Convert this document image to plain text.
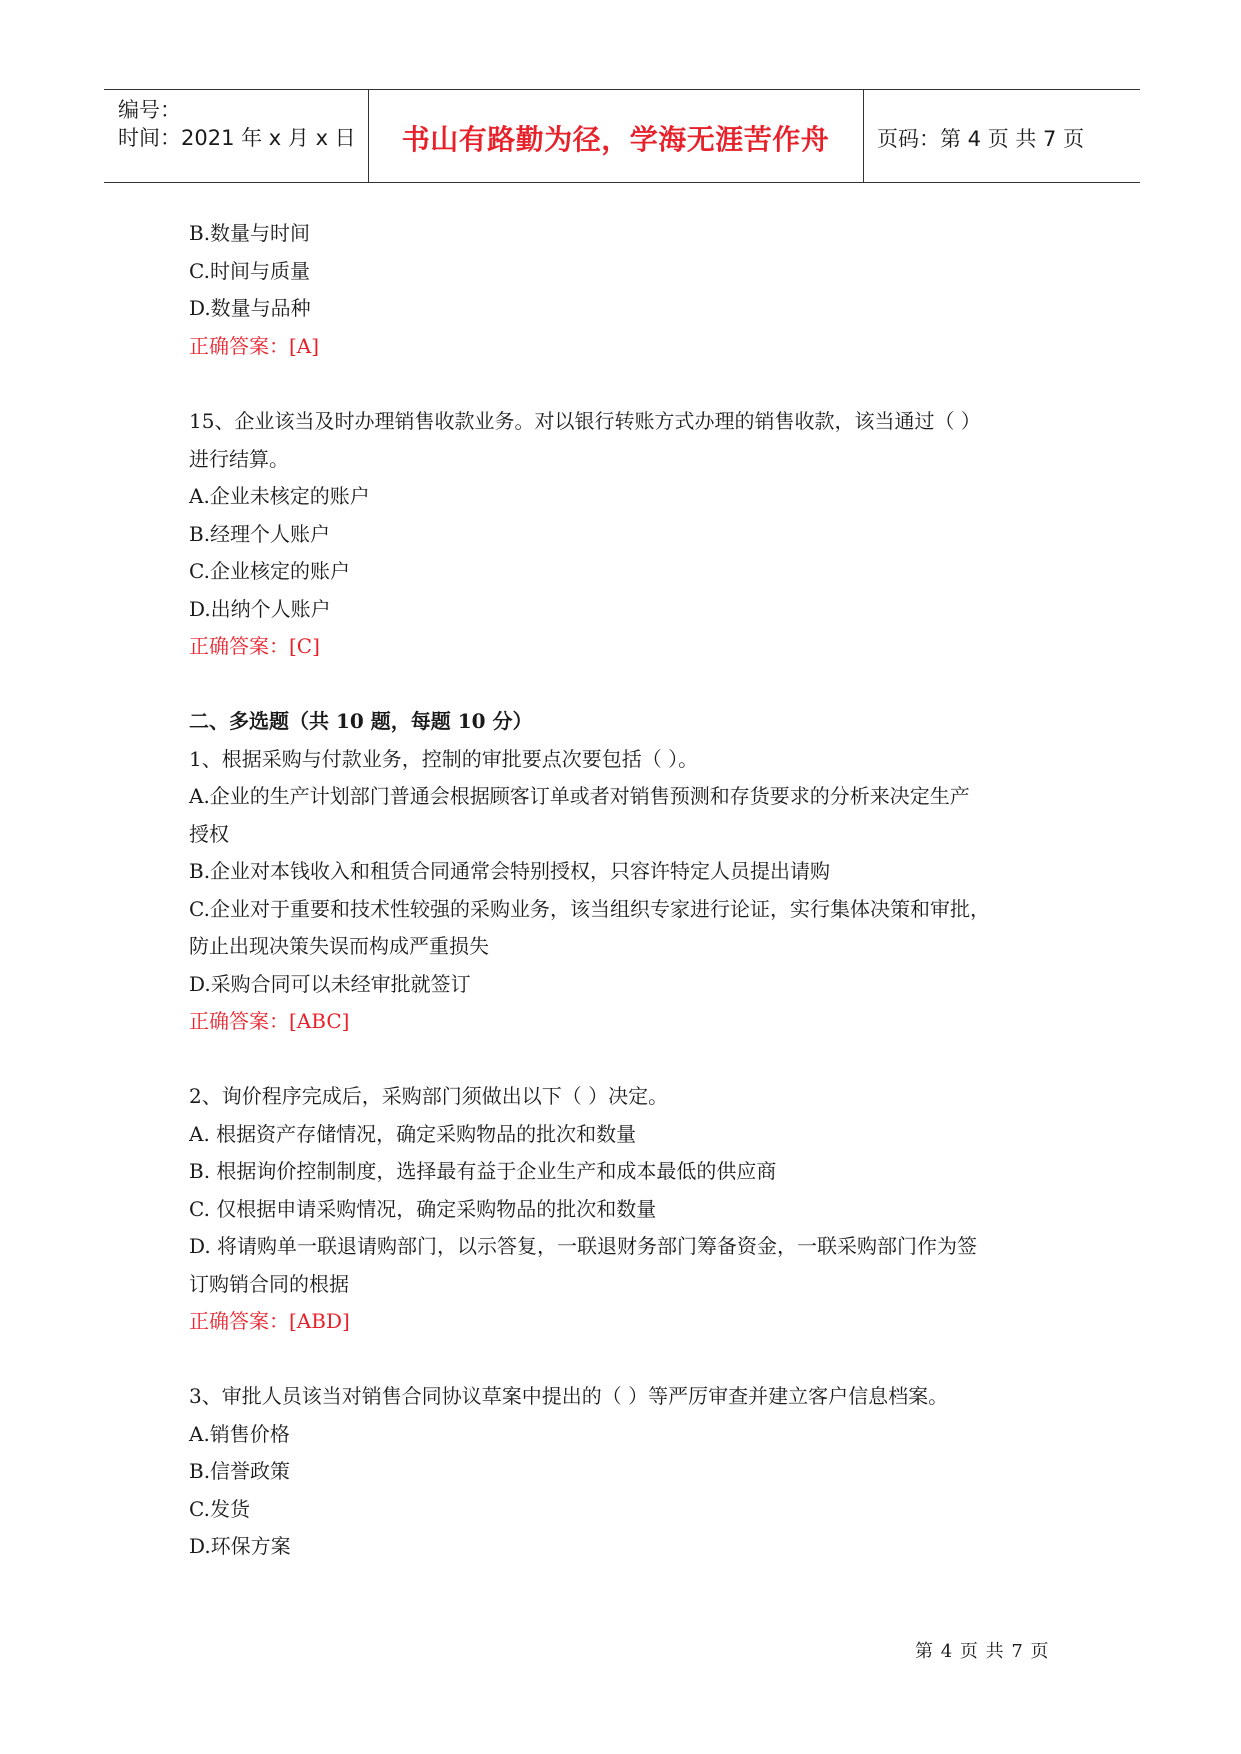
编号：
时间：2021 年 x 月 x 日	书山有路勤为径，学海无涯苦作舟	页码：第 4 页 共 7 页
B.数量与时间
C.时间与质量
D.数量与品种
正确答案：[A]
15、企业该当及时办理销售收款业务。对以银行转账方式办理的销售收款，该当通过（ ）
进行结算。
A.企业未核定的账户
B.经理个人账户
C.企业核定的账户
D.出纳个人账户
正确答案：[C]
二、多选题（共 10 题，每题 10 分）
1、根据采购与付款业务，控制的审批要点次要包括（ ）。
A.企业的生产计划部门普通会根据顾客订单或者对销售预测和存货要求的分析来决定生产
授权
B.企业对本钱收入和租赁合同通常会特别授权，只容许特定人员提出请购
C.企业对于重要和技术性较强的采购业务，该当组织专家进行论证，实行集体决策和审批，
防止出现决策失误而构成严重损失
D.采购合同可以未经审批就签订
正确答案：[ABC]
2、询价程序完成后，采购部门须做出以下（ ）决定。
A. 根据资产存储情况，确定采购物品的批次和数量
B. 根据询价控制制度，选择最有益于企业生产和成本最低的供应商
C. 仅根据申请采购情况，确定采购物品的批次和数量
D. 将请购单一联退请购部门，以示答复，一联退财务部门筹备资金，一联采购部门作为签
订购销合同的根据
正确答案：[ABD]
3、审批人员该当对销售合同协议草案中提出的（ ）等严厉审查并建立客户信息档案。
A.销售价格
B.信誉政策
C.发货
D.环保方案
第 4 页 共 7 页
